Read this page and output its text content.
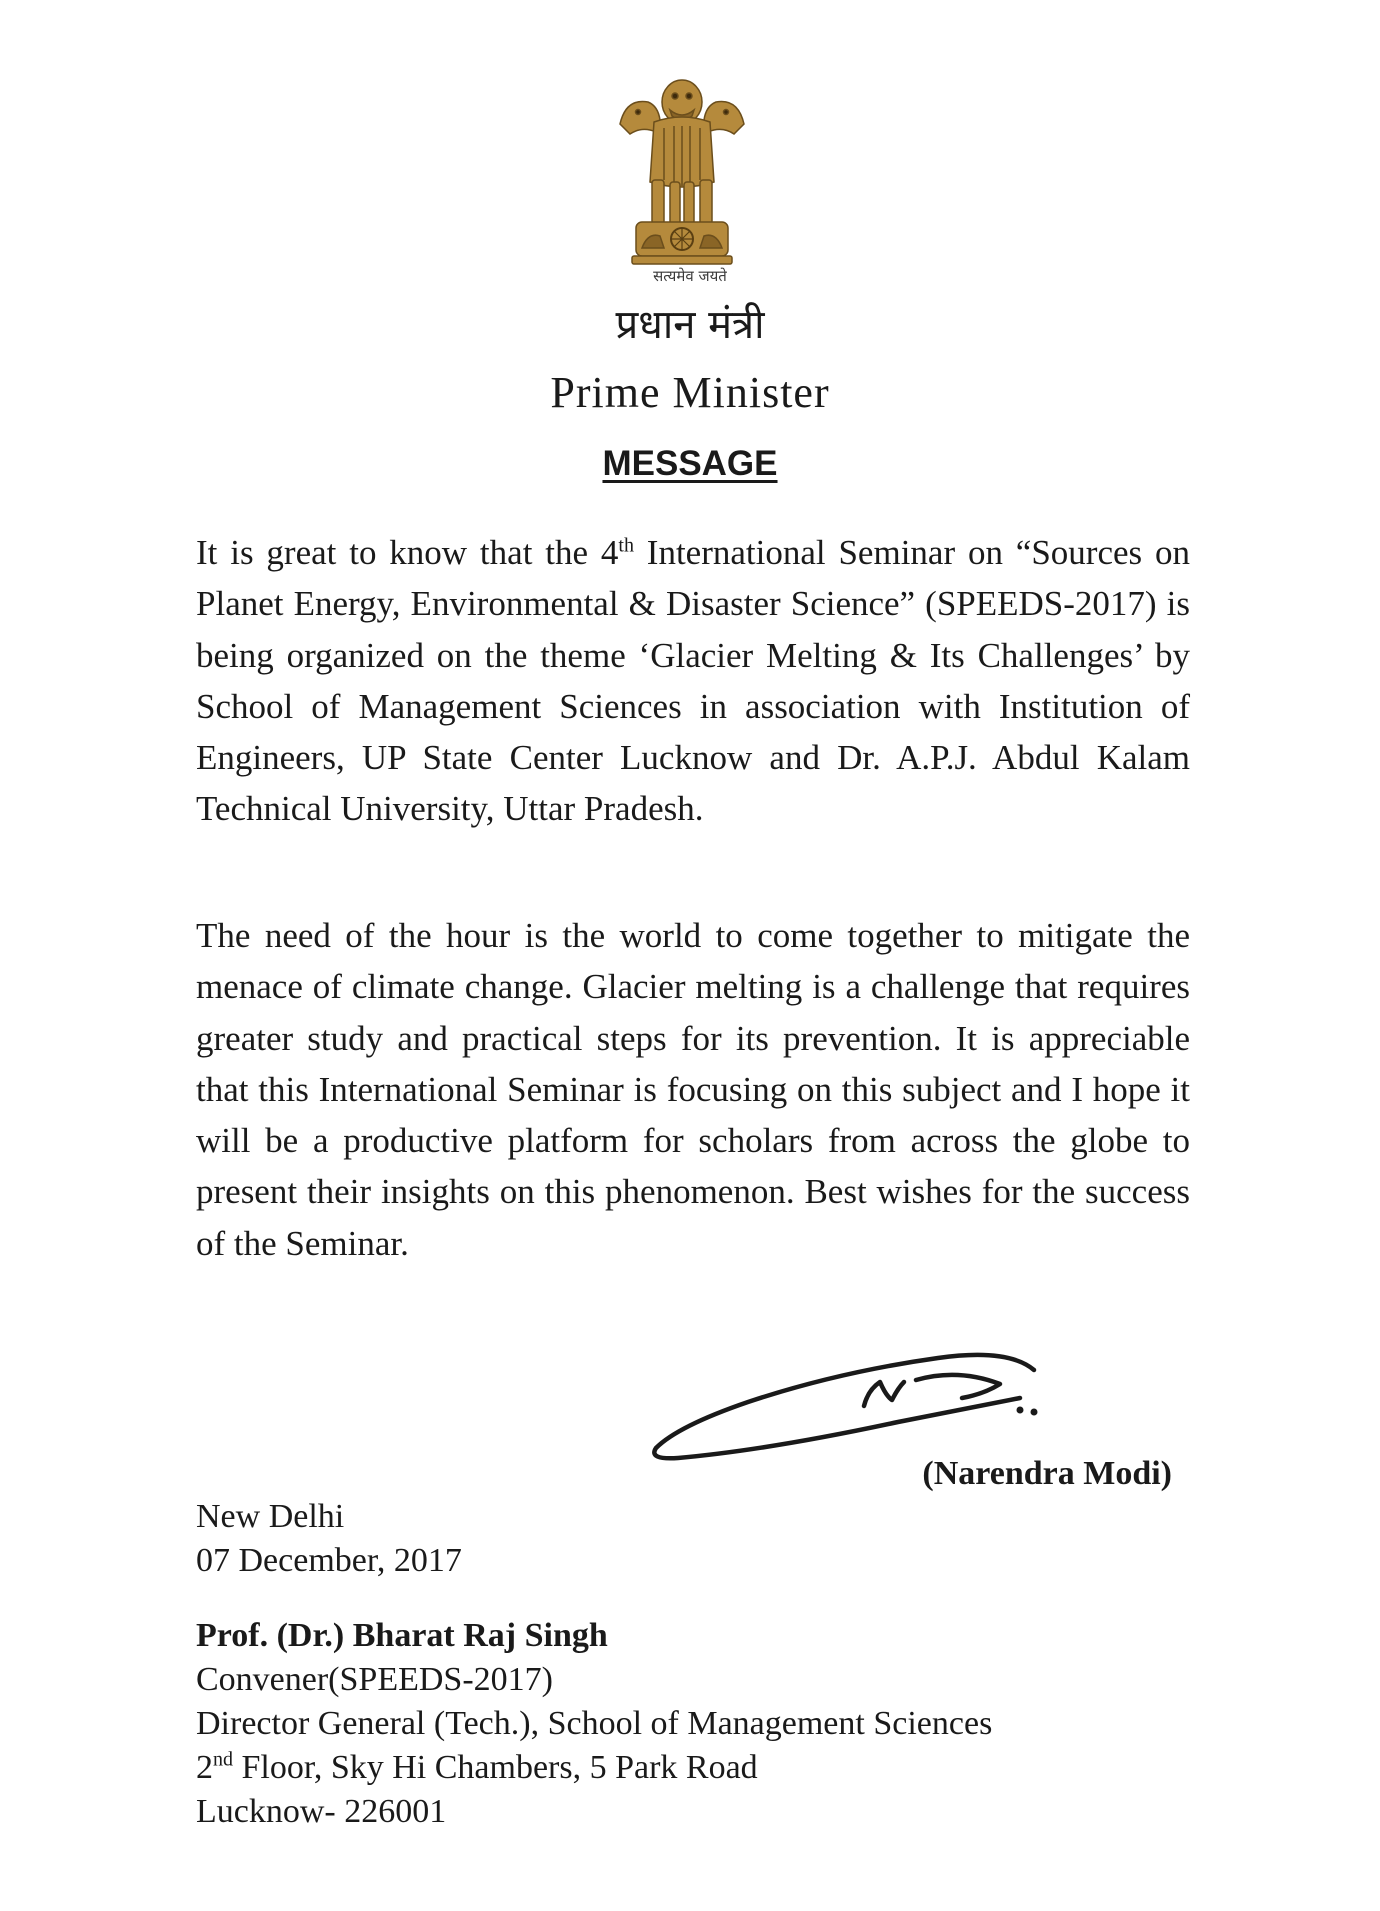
सत्यमेव जयते
प्रधान मंत्री
Prime Minister
MESSAGE

It is great to know that the 4th International Seminar on “Sources on Planet Energy, Environmental & Disaster Science” (SPEEDS-2017) is being organized on the theme ‘Glacier Melting & Its Challenges’ by School of Management Sciences in association with Institution of Engineers, UP State Center Lucknow and Dr. A.P.J. Abdul Kalam Technical University, Uttar Pradesh.

The need of the hour is the world to come together to mitigate the menace of climate change. Glacier melting is a challenge that requires greater study and practical steps for its prevention. It is appreciable that this International Seminar is focusing on this subject and I hope it will be a productive platform for scholars from across the globe to present their insights on this phenomenon. Best wishes for the success of the Seminar.

(Narendra Modi)
New Delhi
07 December, 2017
Prof. (Dr.) Bharat Raj Singh
Convener(SPEEDS-2017)
Director General (Tech.), School of Management Sciences
2nd Floor, Sky Hi Chambers, 5 Park Road
Lucknow- 226001
